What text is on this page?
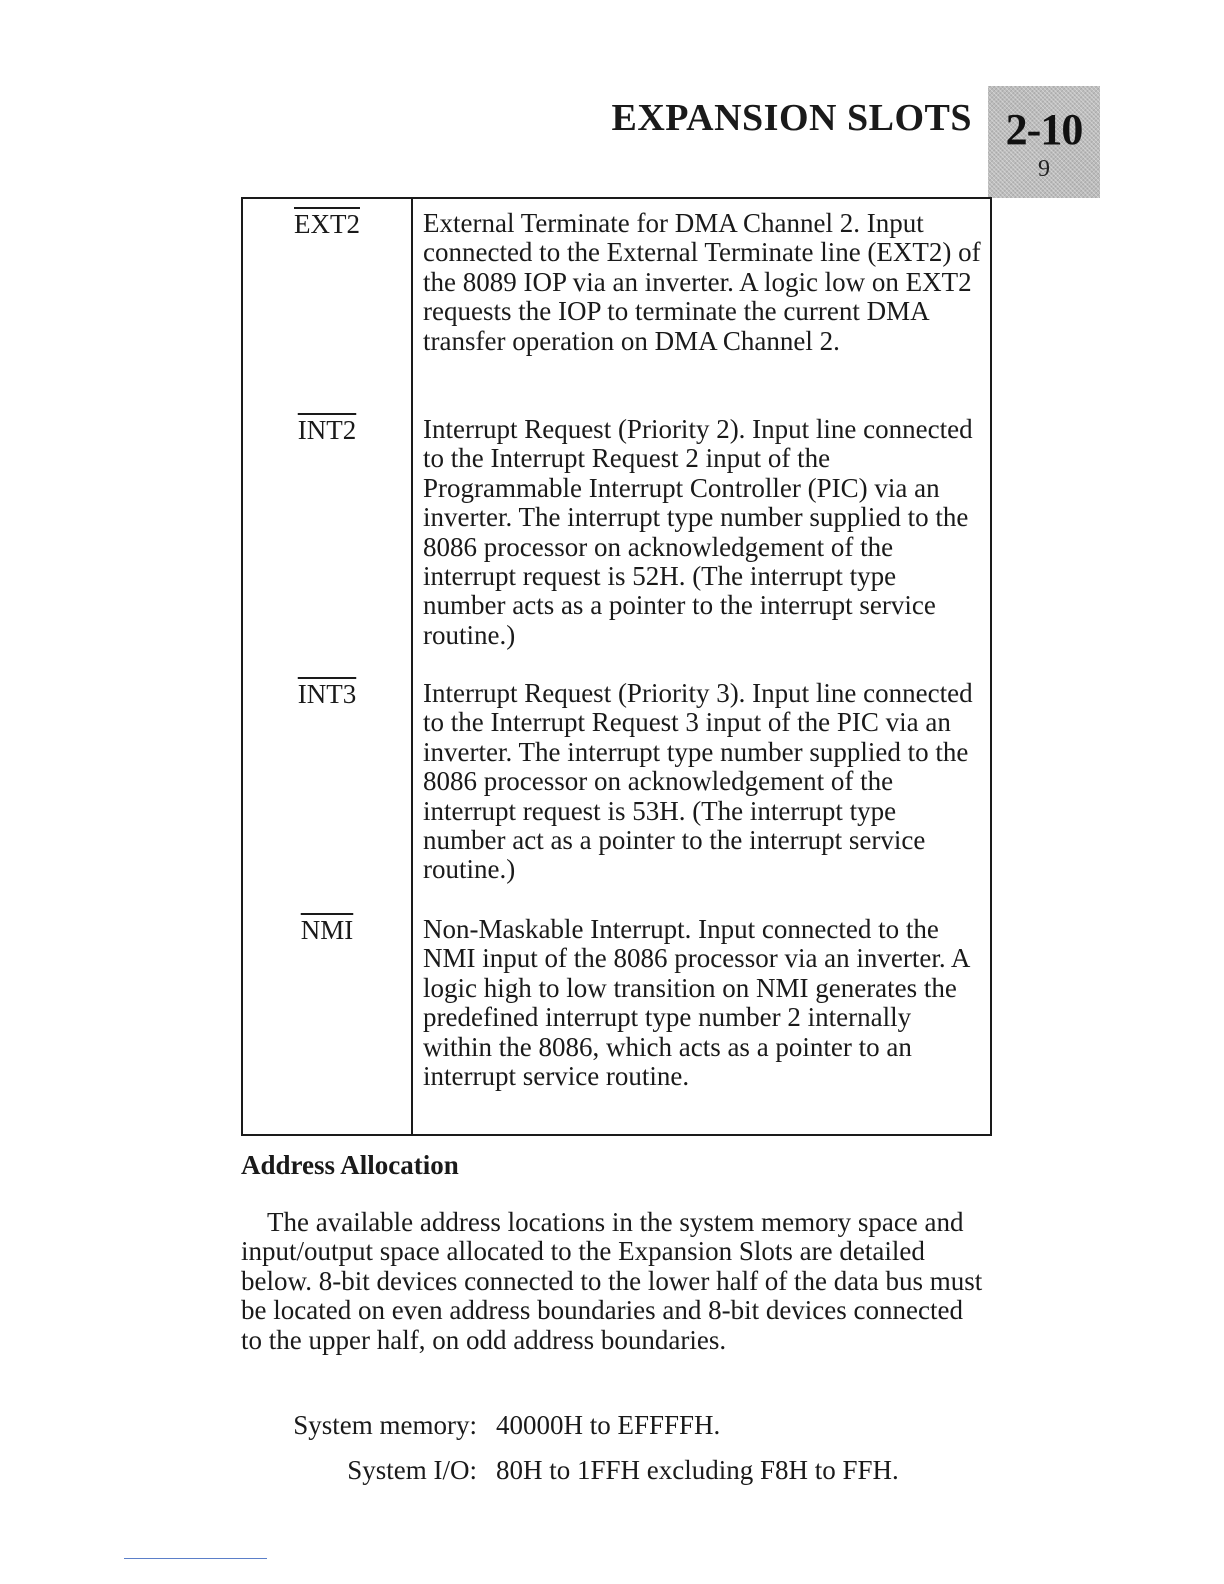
EXPANSION SLOTS 2-10
9
EXT2	External Terminate for DMA Channel 2. Input connected to the External Terminate line (EXT2) of the 8089 IOP via an inverter. A logic low on EXT2 requests the IOP to terminate the current DMA transfer operation on DMA Channel 2.
INT2	Interrupt Request (Priority 2). Input line connected to the Interrupt Request 2 input of the Programmable Interrupt Controller (PIC) via an inverter. The interrupt type number supplied to the 8086 processor on acknowledgement of the interrupt request is 52H. (The interrupt type number acts as a pointer to the interrupt service routine.)
INT3	Interrupt Request (Priority 3). Input line connected to the Interrupt Request 3 input of the PIC via an inverter. The interrupt type number supplied to the 8086 processor on acknowledgement of the interrupt request is 53H. (The interrupt type number act as a pointer to the interrupt service routine.)
$\overline{NMI}$	Non-Maskable Interrupt. Input connected to the NMI input of the 8086 processor via an inverter. A logic high to low transition on NMI generates the predefined interrupt type number 2 internally within the 8086, which acts as a pointer to an interrupt service routine.
Address Allocation
The available address locations in the system memory space and input/output space allocated to the Expansion Slots are detailed below. 8-bit devices connected to the lower half of the data bus must be located on even address boundaries and 8-bit devices connected to the upper half, on odd address boundaries.
System memory: 40000H to EFFFFH.
System I/O: 80H to 1FFH excluding F8H to FFH.
